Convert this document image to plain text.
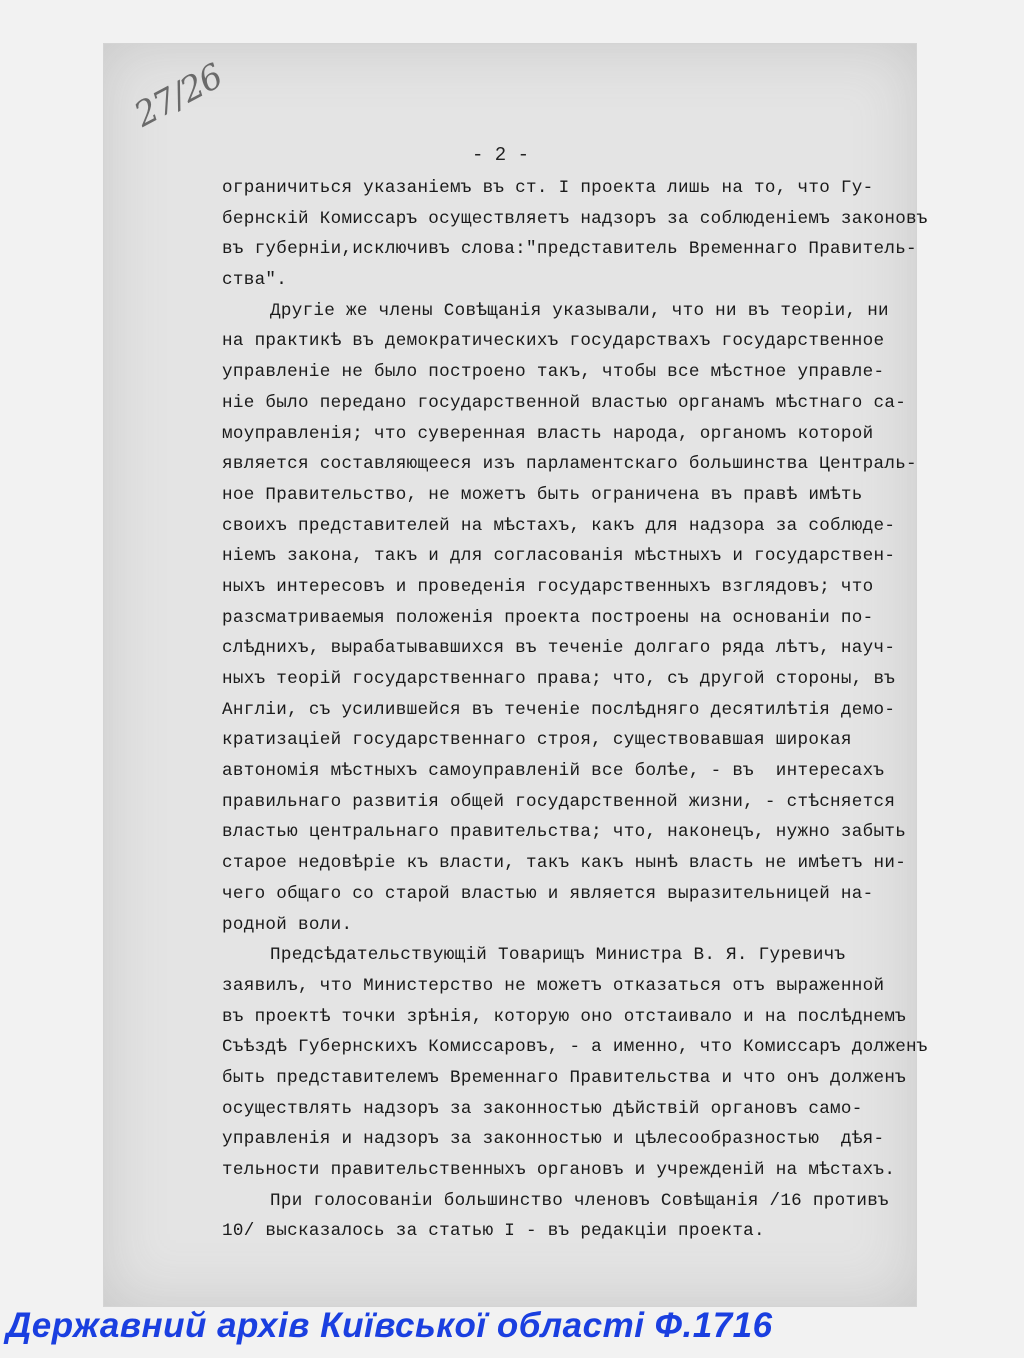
27/26
- 2 -
ограничиться указанiемъ въ ст. I проекта лишь на то, что Гу-
бернскiй Комиссаръ осуществляетъ надзоръ за соблюденiемъ законовъ
въ губернiи,исключивъ слова:"представитель Временнаго Правитель-
ства".
Другiе же члены Совѣщанiя указывали, что ни въ теорiи, ни
на практикѣ въ демократическихъ государствахъ государственное
управленiе не было построено такъ, чтобы все мѣстное управле-
нiе было передано государственной властью органамъ мѣстнаго са-
моуправленiя; что суверенная власть народа, органомъ которой
является составляющееся изъ парламентскаго большинства Централь-
ное Правительство, не можетъ быть ограничена въ правѣ имѣть
своихъ представителей на мѣстахъ, какъ для надзора за соблюде-
нiемъ закона, такъ и для согласованiя мѣстныхъ и государствен-
ныхъ интересовъ и проведенiя государственныхъ взглядовъ; что
разсматриваемыя положенiя проекта построены на основанiи по-
слѣднихъ, вырабатывавшихся въ теченiе долгаго ряда лѣтъ, науч-
ныхъ теорiй государственнаго права; что, съ другой стороны, въ
Англiи, съ усилившейся въ теченiе послѣдняго десятилѣтiя демо-
кратизацiей государственнаго строя, существовавшая широкая
автономiя мѣстныхъ самоуправленiй все болѣе, - въ  интересахъ
правильнаго развитiя общей государственной жизни, - стѣсняется
властью центральнаго правительства; что, наконецъ, нужно забыть
старое недовѣрiе къ власти, такъ какъ нынѣ власть не имѣетъ ни-
чего общаго со старой властью и является выразительницей на-
родной воли.
Предсѣдательствующiй Товарищъ Министра В. Я. Гуревичъ
заявилъ, что Министерство не можетъ отказаться отъ выраженной
въ проектѣ точки зрѣнiя, которую оно отстаивало и на послѣднемъ
Съѣздѣ Губернскихъ Комиссаровъ, - а именно, что Комиссаръ долженъ
быть представителемъ Временнаго Правительства и что онъ долженъ
осуществлять надзоръ за законностью дѣйствiй органовъ само-
управленiя и надзоръ за законностью и цѣлесообразностью  дѣя-
тельности правительственныхъ органовъ и учрежденiй на мѣстахъ.
При голосованiи большинство членовъ Совѣщанiя /16 противъ
10/ высказалось за статью I - въ редакцiи проекта.
Державний архів Київської області Ф.1716
